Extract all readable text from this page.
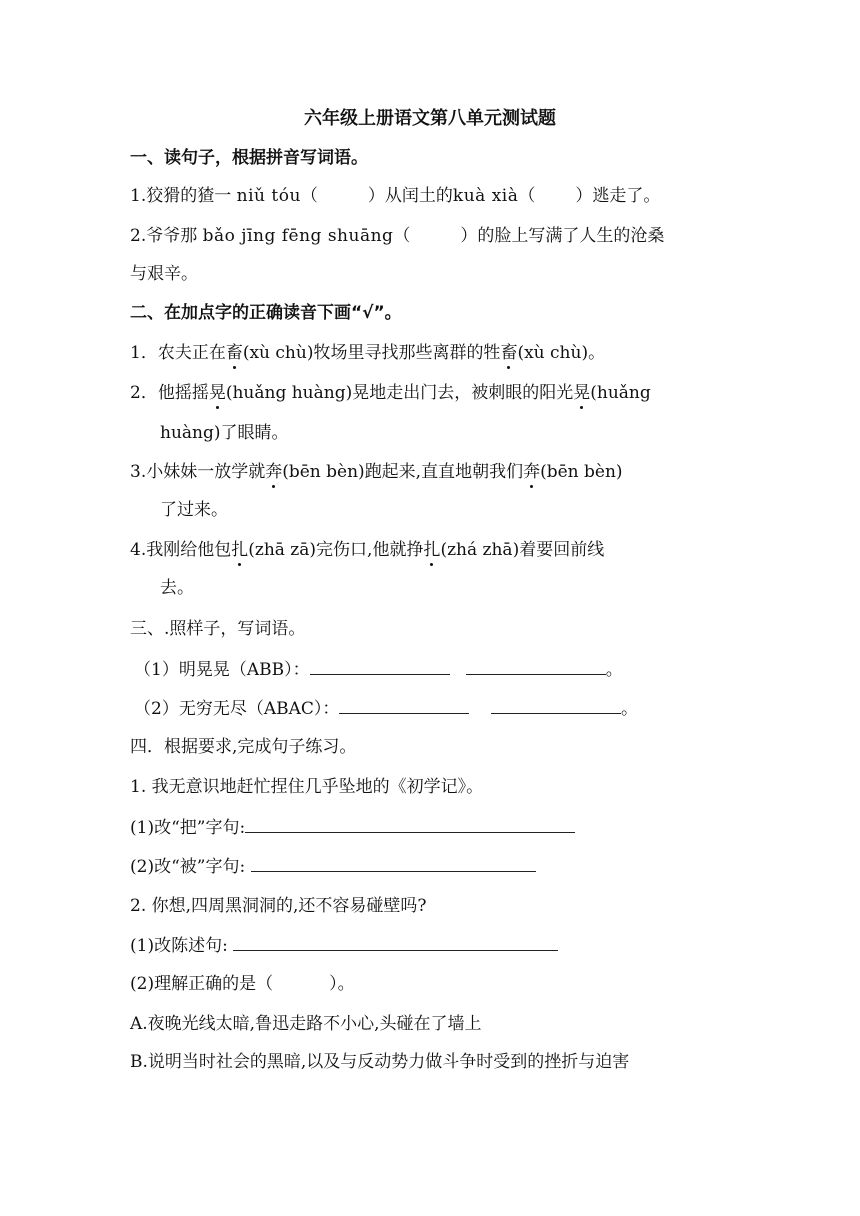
六年级上册语文第八单元测试题
一、读句子，根据拼音写词语。
1.狡猾的猹一 niǔ tóu（	）从闰土的kuà xià（ ）逃走了。
2.爷爷那 bǎo jīng fēng shuāng（	）的脸上写满了人生的沧桑
与艰辛。
二、在加点字的正确读音下画“√”。
1．农夫正在畜(xù chù)牧场里寻找那些离群的牲畜(xù chù)。
2．他摇摇晃(huǎng huàng)晃地走出门去，被刺眼的阳光晃(huǎng
huàng)了眼睛。
3.小妹妹一放学就奔(bēn bèn)跑起来,直直地朝我们奔(bēn bèn)
了过来。
4.我刚给他包扎(zhā zā)完伤口,他就挣扎(zhá zhā)着要回前线
去。
三、.照样子，写词语。
（1）明晃晃（ABB）：	。
（2）无穷无尽（ABAC）：	。
四．根据要求,完成句子练习。
1. 我无意识地赶忙捏住几乎坠地的《初学记》。
(1)改“把”字句:
(2)改“被”字句:
2. 你想,四周黑洞洞的,还不容易碰壁吗?
(1)改陈述句:
(2)理解正确的是（	）。
A.夜晚光线太暗,鲁迅走路不小心,头碰在了墙上
B.说明当时社会的黑暗,以及与反动势力做斗争时受到的挫折与迫害
